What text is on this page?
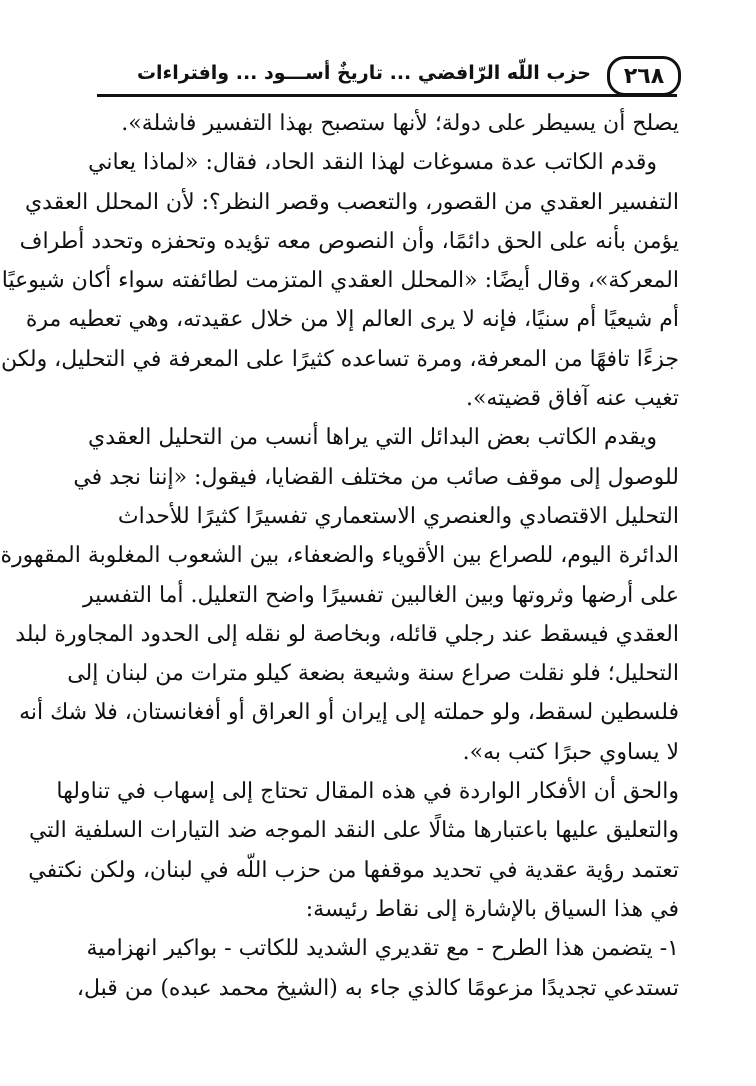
٢٦٨
حزب اللّه الرّافضي ... تاريخٌ أســـود ... وافتراءات

يصلح أن يسيطر على دولة؛ لأنها ستصبح بهذا التفسير فاشلة».

وقدم الكاتب عدة مسوغات لهذا النقد الحاد، فقال: «لماذا يعاني
التفسير العقدي من القصور، والتعصب وقصر النظر؟: لأن المحلل العقدي
يؤمن بأنه على الحق دائمًا، وأن النصوص معه تؤيده وتحفزه وتحدد أطراف
المعركة»، وقال أيضًا: «المحلل العقدي المتزمت لطائفته سواء أكان شيوعيًا
أم شيعيًا أم سنيًا، فإنه لا يرى العالم إلا من خلال عقيدته، وهي تعطيه مرة
جزءًا تافهًا من المعرفة، ومرة تساعده كثيرًا على المعرفة في التحليل، ولكن
تغيب عنه آفاق قضيته».

ويقدم الكاتب بعض البدائل التي يراها أنسب من التحليل العقدي
للوصول إلى موقف صائب من مختلف القضايا، فيقول: «إننا نجد في
التحليل الاقتصادي والعنصري الاستعماري تفسيرًا كثيرًا للأحداث
الدائرة اليوم، للصراع بين الأقوياء والضعفاء، بين الشعوب المغلوبة المقهورة
على أرضها وثروتها وبين الغالبين تفسيرًا واضح التعليل. أما التفسير
العقدي فيسقط عند رجلي قائله، وبخاصة لو نقله إلى الحدود المجاورة لبلد
التحليل؛ فلو نقلت صراع سنة وشيعة بضعة كيلو مترات من لبنان إلى
فلسطين لسقط، ولو حملته إلى إيران أو العراق أو أفغانستان، فلا شك أنه
لا يساوي حبرًا كتب به».

والحق أن الأفكار الواردة في هذه المقال تحتاج إلى إسهاب في تناولها
والتعليق عليها باعتبارها مثالًا على النقد الموجه ضد التيارات السلفية التي
تعتمد رؤية عقدية في تحديد موقفها من حزب اللّه في لبنان، ولكن نكتفي
في هذا السياق بالإشارة إلى نقاط رئيسة:

١- يتضمن هذا الطرح - مع تقديري الشديد للكاتب - بواكير انهزامية
تستدعي تجديدًا مزعومًا كالذي جاء به (الشيخ محمد عبده) من قبل،
